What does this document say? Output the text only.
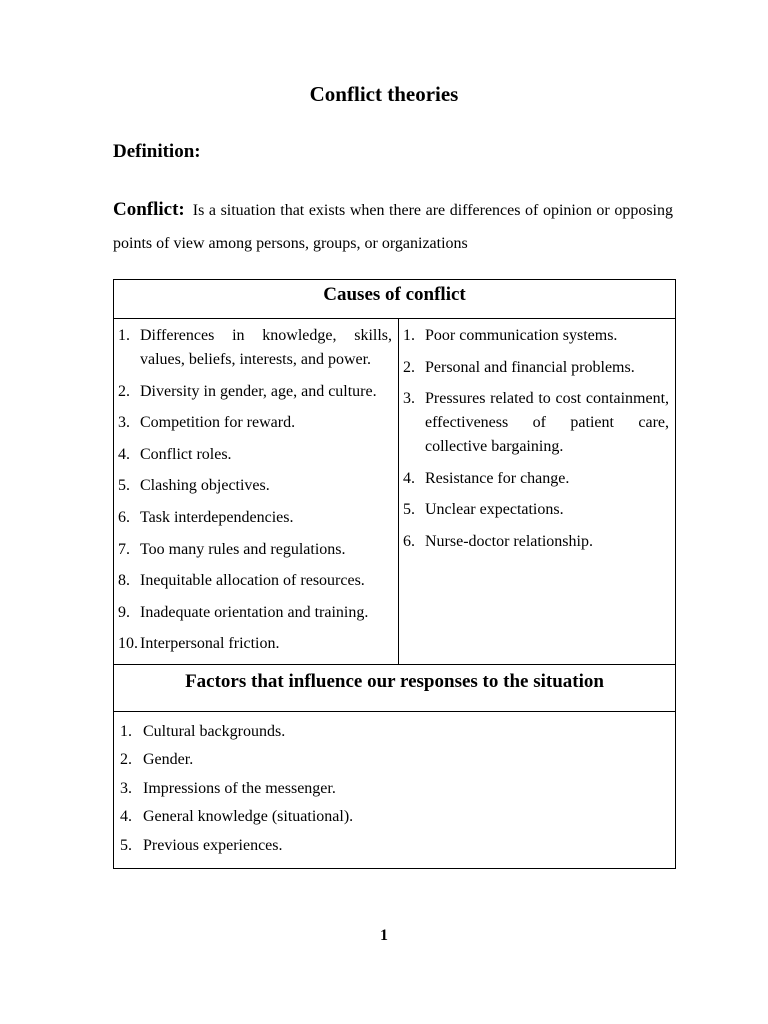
Conflict theories
Definition:
Conflict: Is a situation that exists when there are differences of opinion or opposing points of view among persons, groups, or organizations
Causes of conflict

1. Differences in knowledge, skills, values, beliefs, interests, and power.
2. Diversity in gender, age, and culture.
3. Competition for reward.
4. Conflict roles.
5. Clashing objectives.
6. Task interdependencies.
7. Too many rules and regulations.
8. Inequitable allocation of resources.
9. Inadequate orientation and training.
10. Interpersonal friction.

1. Poor communication systems.
2. Personal and financial problems.
3. Pressures related to cost containment, effectiveness of patient care, collective bargaining.
4. Resistance for change.
5. Unclear expectations.
6. Nurse-doctor relationship.

Factors that influence our responses to the situation

1. Cultural backgrounds.
2. Gender.
3. Impressions of the messenger.
4. General knowledge (situational).
5. Previous experiences.
1
